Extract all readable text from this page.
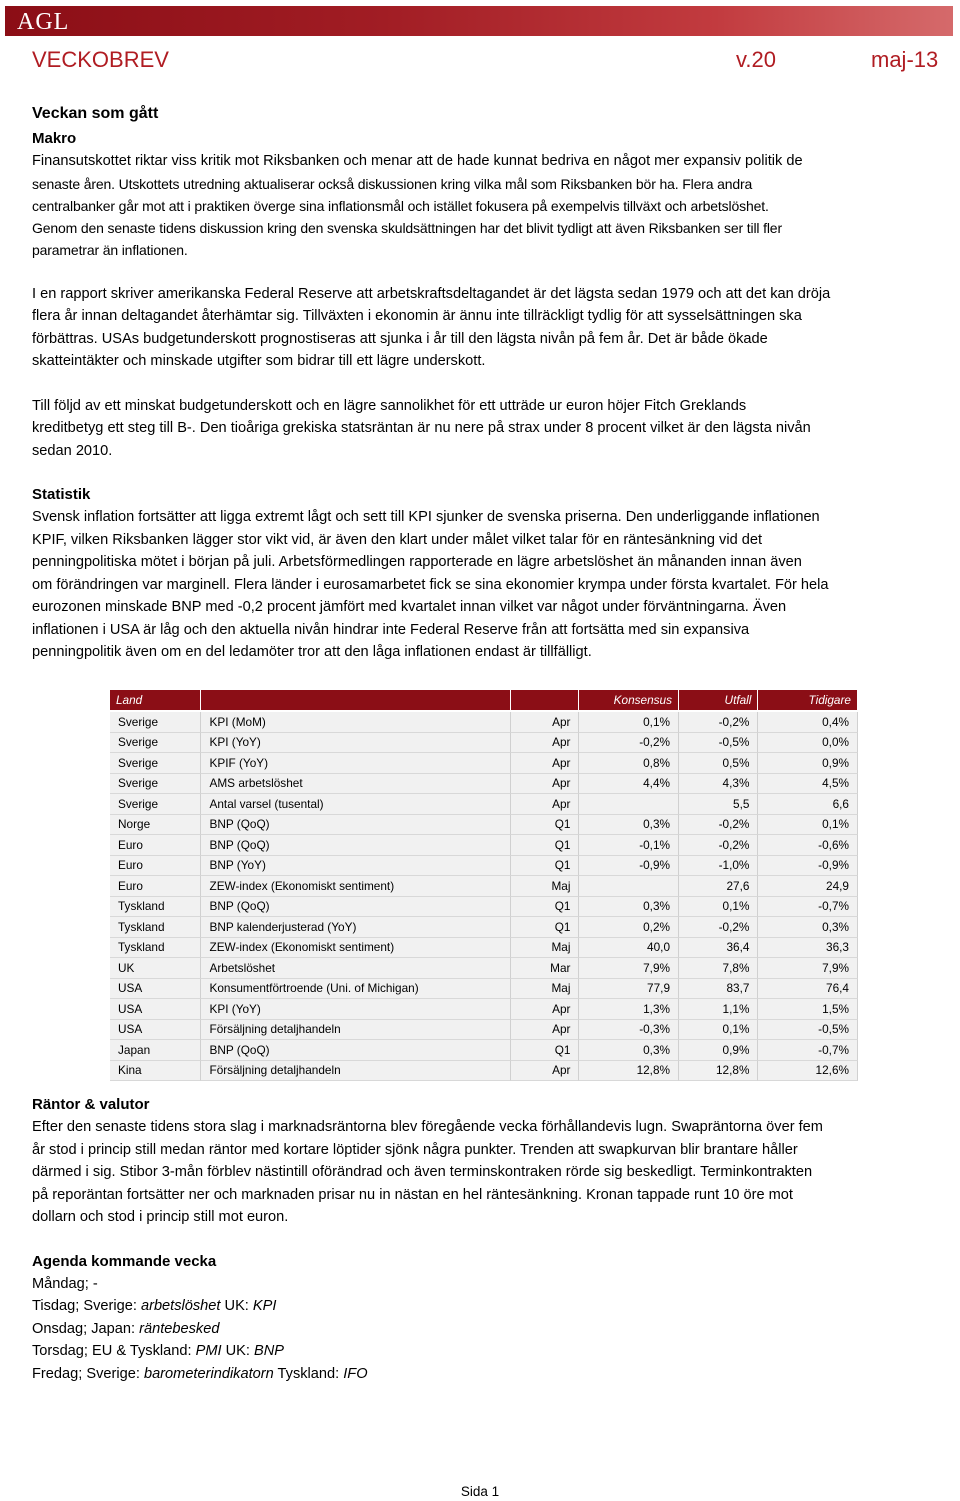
AGL
VECKOBREV	v.20	maj-13

Veckan som gått

Makro

Finansutskottet riktar viss kritik mot Riksbanken och menar att de hade kunnat bedriva en något mer expansiv politik de

senaste åren. Utskottets utredning aktualiserar också diskussionen kring vilka mål som Riksbanken bör ha. Flera andra

centralbanker går mot att i praktiken överge sina inflationsmål och istället fokusera på exempelvis tillväxt och arbetslöshet.

Genom den senaste tidens diskussion kring den svenska skuldsättningen har det blivit tydligt att även Riksbanken ser till fler

parametrar än inflationen.

I en rapport skriver amerikanska Federal Reserve att arbetskraftsdeltagandet är det lägsta sedan 1979 och att det kan dröja

flera år innan deltagandet återhämtar sig. Tillväxten i ekonomin är ännu inte tillräckligt tydlig för att sysselsättningen ska

förbättras. USAs budgetunderskott prognostiseras att sjunka i år till den lägsta nivån på fem år. Det är både ökade

skatteintäkter och minskade utgifter som bidrar till ett lägre underskott.

Till följd av ett minskat budgetunderskott och en lägre sannolikhet för ett utträde ur euron höjer Fitch Greklands

kreditbetyg ett steg till B-. Den tioåriga grekiska statsräntan är nu nere på strax under 8 procent vilket är den lägsta nivån

sedan 2010.

Statistik

Svensk inflation fortsätter att ligga extremt lågt och sett till KPI sjunker de svenska priserna. Den underliggande inflationen

KPIF, vilken Riksbanken lägger stor vikt vid, är även den klart under målet vilket talar för en räntesänkning vid det

penningpolitiska mötet i början på juli. Arbetsförmedlingen rapporterade en lägre arbetslöshet än månanden innan även

om förändringen var marginell. Flera länder i eurosamarbetet fick se sina ekonomier krympa under första kvartalet. För hela

eurozonen minskade BNP med -0,2 procent jämfört med kvartalet innan vilket var något under förväntningarna. Även

inflationen i USA är låg och den aktuella nivån hindrar inte Federal Reserve från att fortsätta med sin expansiva

penningpolitik även om en del ledamöter tror att den låga inflationen endast är tillfälligt.

Land			Konsensus	Utfall	Tidigare
Sverige	KPI (MoM)	Apr	0,1%	-0,2%	0,4%
Sverige	KPI (YoY)	Apr	-0,2%	-0,5%	0,0%
Sverige	KPIF (YoY)	Apr	0,8%	0,5%	0,9%
Sverige	AMS arbetslöshet	Apr	4,4%	4,3%	4,5%
Sverige	Antal varsel (tusental)	Apr		5,5	6,6
Norge	BNP (QoQ)	Q1	0,3%	-0,2%	0,1%
Euro	BNP (QoQ)	Q1	-0,1%	-0,2%	-0,6%
Euro	BNP (YoY)	Q1	-0,9%	-1,0%	-0,9%
Euro	ZEW-index (Ekonomiskt sentiment)	Maj		27,6	24,9
Tyskland	BNP (QoQ)	Q1	0,3%	0,1%	-0,7%
Tyskland	BNP kalenderjusterad (YoY)	Q1	0,2%	-0,2%	0,3%
Tyskland	ZEW-index (Ekonomiskt sentiment)	Maj	40,0	36,4	36,3
UK	Arbetslöshet	Mar	7,9%	7,8%	7,9%
USA	Konsumentförtroende (Uni. of Michigan)	Maj	77,9	83,7	76,4
USA	KPI (YoY)	Apr	1,3%	1,1%	1,5%
USA	Försäljning detaljhandeln	Apr	-0,3%	0,1%	-0,5%
Japan	BNP (QoQ)	Q1	0,3%	0,9%	-0,7%
Kina	Försäljning detaljhandeln	Apr	12,8%	12,8%	12,6%

Räntor & valutor

Efter den senaste tidens stora slag i marknadsräntorna blev föregående vecka förhållandevis lugn. Swapräntorna över fem

år stod i princip still medan räntor med kortare löptider sjönk några punkter. Trenden att swapkurvan blir brantare håller

därmed i sig. Stibor 3-mån förblev nästintill oförändrad och även terminskontraken rörde sig beskedligt. Terminkontrakten

på reporäntan fortsätter ner och marknaden prisar nu in nästan en hel räntesänkning. Kronan tappade runt 10 öre mot

dollarn och stod i princip still mot euron.

Agenda kommande vecka

Måndag; -

Tisdag; Sverige: arbetslöshet UK: KPI

Onsdag; Japan: räntebesked

Torsdag; EU & Tyskland: PMI UK: BNP

Fredag; Sverige: barometerindikatorn Tyskland: IFO

Sida 1
